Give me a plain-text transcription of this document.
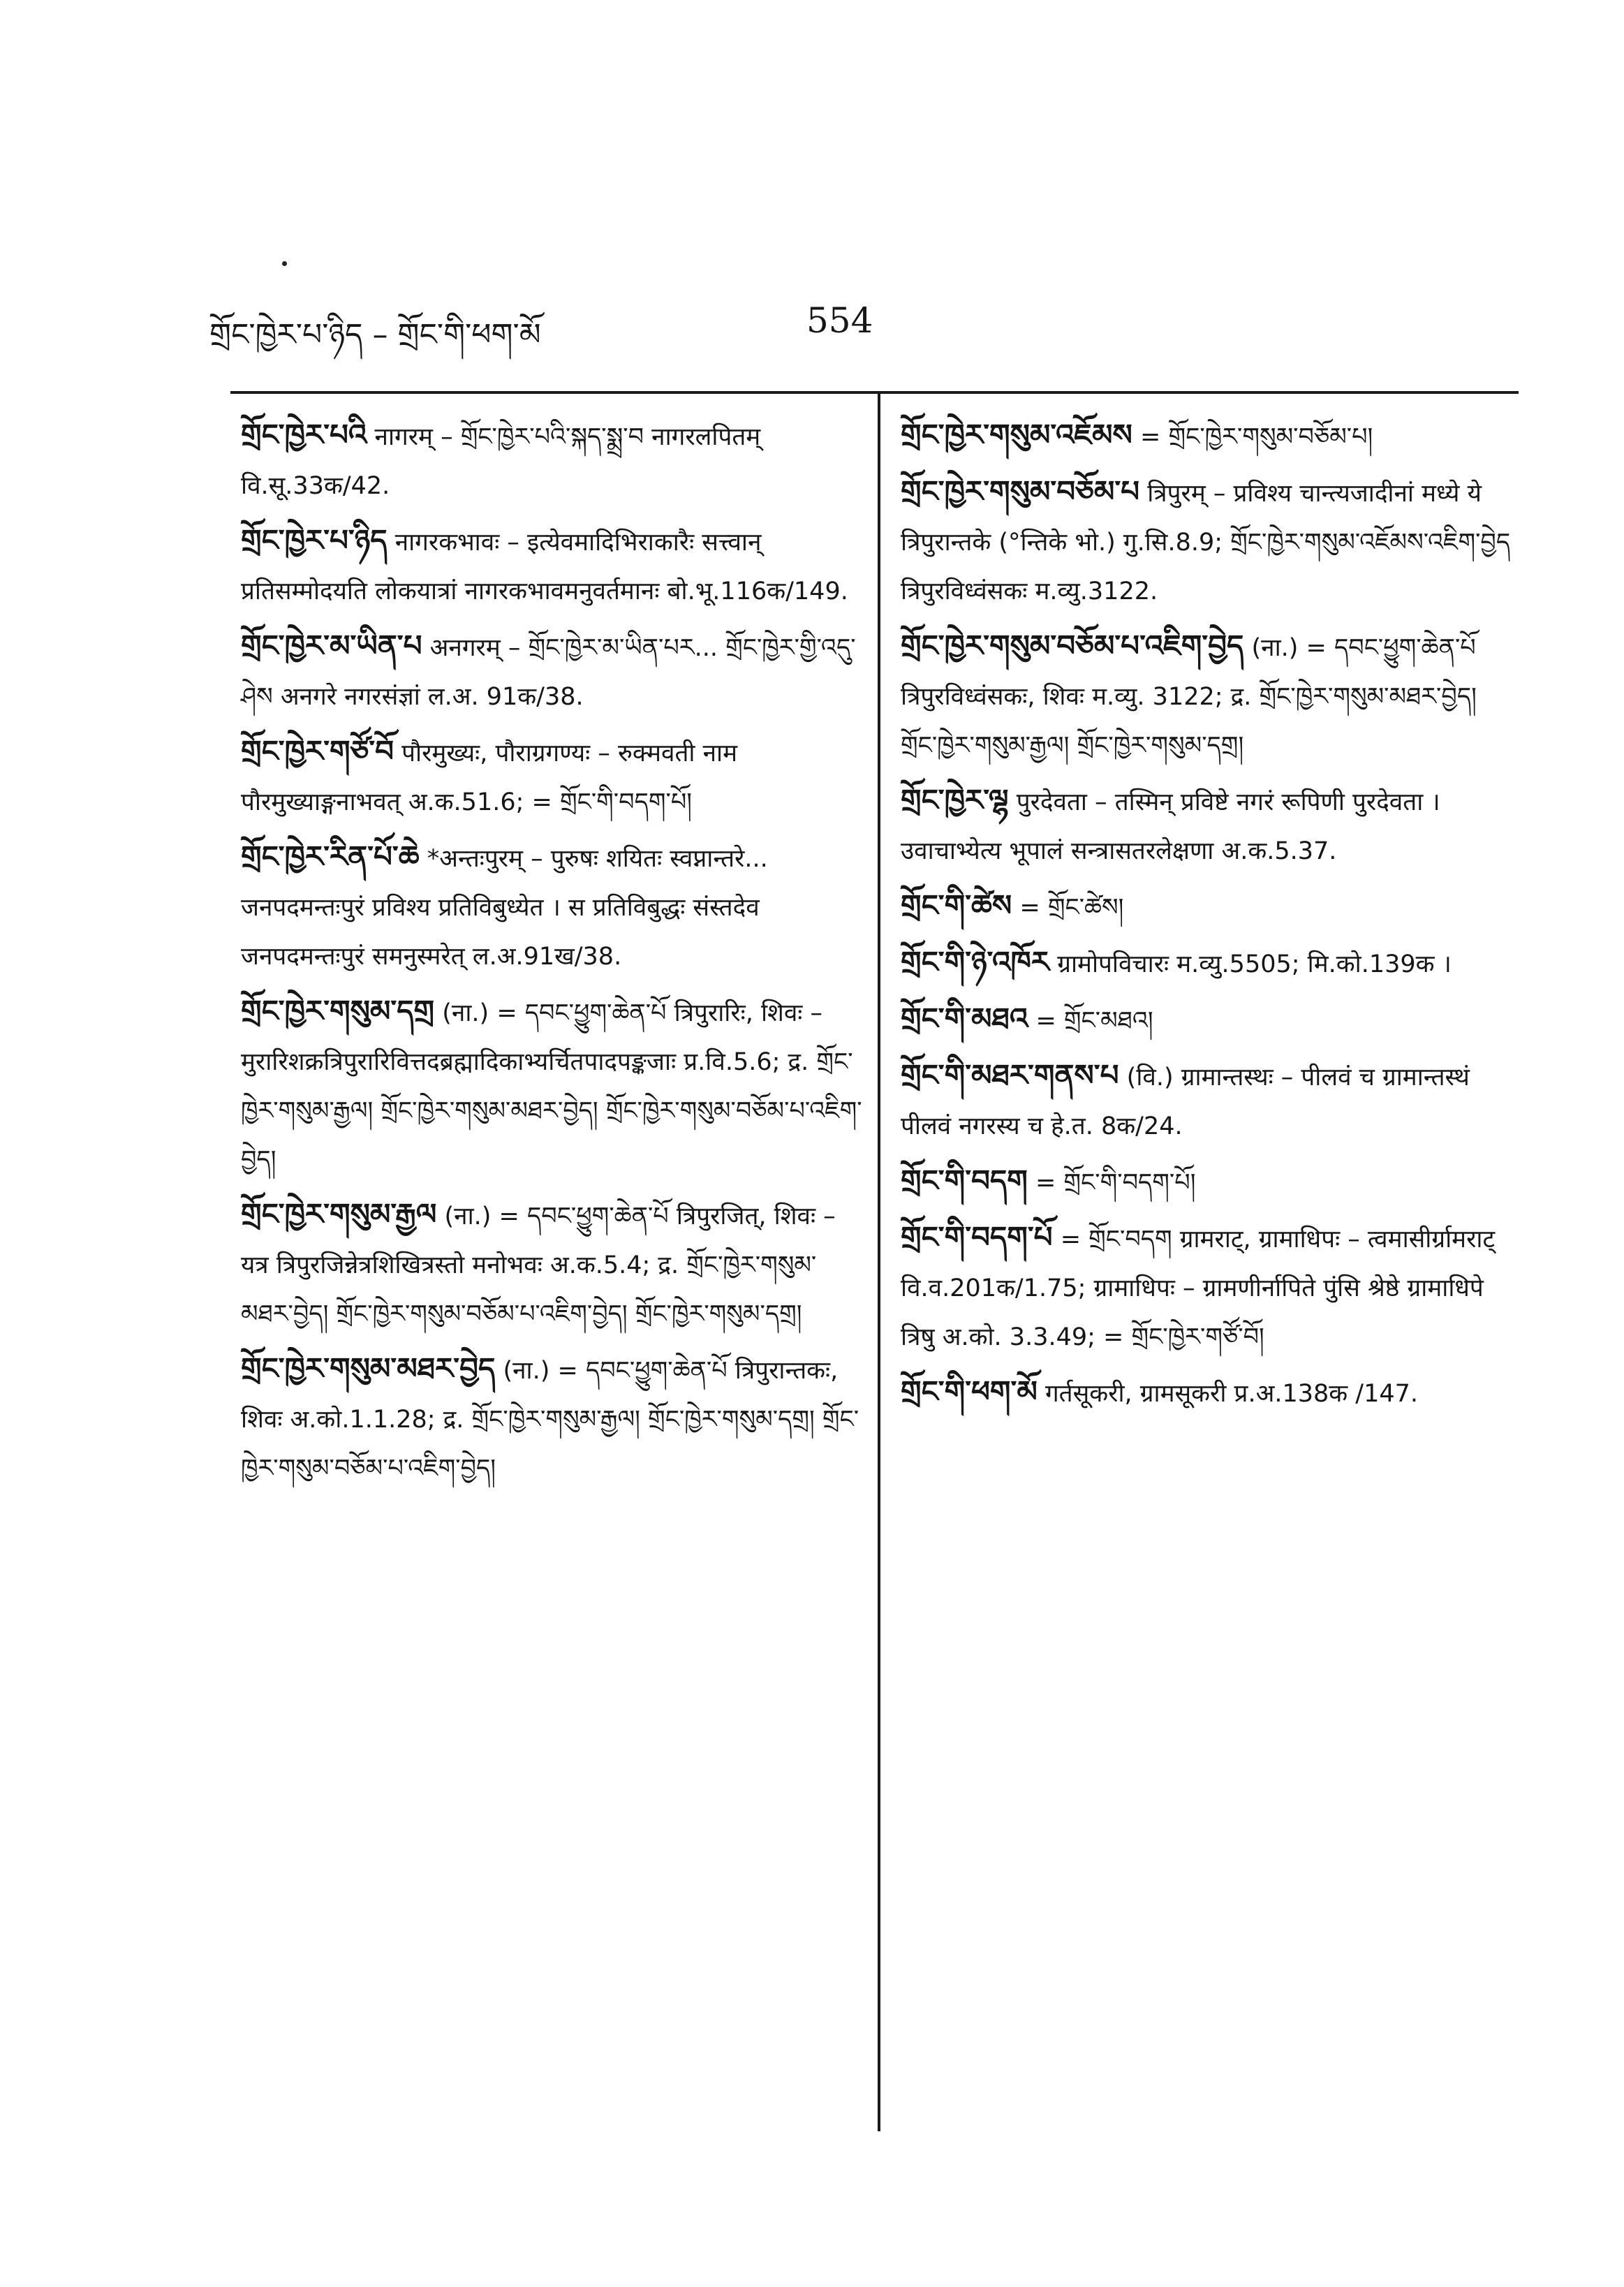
གྲོང་ཁྱེར་པ་ཉིད – གྲོང་གི་ཕག་མོ	554
གྲོང་ཁྱེར་པའི नागरम् – གྲོང་ཁྱེར་པའི་སྐད་སྨྲ་བ नागरलपितम् वि.सू.33क/42.
གྲོང་ཁྱེར་པ་ཉིད नागरकभावः – इत्येवमादिभिराकारैः सत्त्वान् प्रतिसम्मोदयति लोकयात्रां नागरकभावमनुवर्तमानः बो.भू.116क/149.
གྲོང་ཁྱེར་མ་ཡིན་པ अनगरम् – གྲོང་ཁྱེར་མ་ཡིན་པར... གྲོང་ཁྱེར་གྱི་འདུ་ཤེས अनगरे नगरसंज्ञां ल.अ. 91क/38.
གྲོང་ཁྱེར་གཙོ་བོ पौरमुख्यः, पौराग्रगण्यः – रुक्मवती नाम पौरमुख्याङ्गनाभवत् अ.क.51.6; = གྲོང་གི་བདག་པོ།
གྲོང་ཁྱེར་རིན་པོ་ཆེ *अन्तःपुरम् – पुरुषः शयितः स्वप्नान्तरे... जनपदमन्तःपुरं प्रविश्य प्रतिविबुध्येत । स प्रतिविबुद्धः संस्तदेव जनपदमन्तःपुरं समनुस्मरेत् ल.अ.91ख/38.
གྲོང་ཁྱེར་གསུམ་དགྲ (ना.) = དབང་ཕྱུག་ཆེན་པོ त्रिपुरारिः, शिवः – मुरारिशक्रत्रिपुरारिवित्तदब्रह्मादिकाभ्यर्चितपादपङ्कजाः प्र.वि.5.6; द्र. གྲོང་ཁྱེར་གསུམ་རྒྱལ། གྲོང་ཁྱེར་གསུམ་མཐར་བྱེད། གྲོང་ཁྱེར་གསུམ་བཅོམ་པ་འཇིག་བྱེད།
གྲོང་ཁྱེར་གསུམ་རྒྱལ (ना.) = དབང་ཕྱུག་ཆེན་པོ त्रिपुरजित्, शिवः – यत्र त्रिपुरजिन्नेत्रशिखित्रस्तो मनोभवः अ.क.5.4; द्र. གྲོང་ཁྱེར་གསུམ་མཐར་བྱེད། གྲོང་ཁྱེར་གསུམ་བཅོམ་པ་འཇིག་བྱེད། གྲོང་ཁྱེར་གསུམ་དགྲ།
གྲོང་ཁྱེར་གསུམ་མཐར་བྱེད (ना.) = དབང་ཕྱུག་ཆེན་པོ त्रिपुरान्तकः, शिवः अ.को.1.1.28; द्र. གྲོང་ཁྱེར་གསུམ་རྒྱལ། གྲོང་ཁྱེར་གསུམ་དགྲ། གྲོང་ཁྱེར་གསུམ་བཅོམ་པ་འཇིག་བྱེད།
གྲོང་ཁྱེར་གསུམ་འཇོམས = གྲོང་ཁྱེར་གསུམ་བཅོམ་པ།
གྲོང་ཁྱེར་གསུམ་བཅོམ་པ त्रिपुरम् – प्रविश्य चान्त्यजादीनां मध्ये ये त्रिपुरान्तके (°न्तिके भो.) गु.सि.8.9; གྲོང་ཁྱེར་གསུམ་འཇོམས་འཇིག་བྱེད त्रिपुरविध्वंसकः म.व्यु.3122.
གྲོང་ཁྱེར་གསུམ་བཅོམ་པ་འཇིག་བྱེད (ना.) = དབང་ཕྱུག་ཆེན་པོ त्रिपुरविध्वंसकः, शिवः म.व्यु. 3122; द्र. གྲོང་ཁྱེར་གསུམ་མཐར་བྱེད། གྲོང་ཁྱེར་གསུམ་རྒྱལ། གྲོང་ཁྱེར་གསུམ་དགྲ།
གྲོང་ཁྱེར་ལྷ पुरदेवता – तस्मिन् प्रविष्टे नगरं रूपिणी पुरदेवता । उवाचाभ्येत्य भूपालं सन्त्रासतरलेक्षणा अ.क.5.37.
གྲོང་གི་ཚེས = གྲོང་ཚེས།
གྲོང་གི་ཉེ་འཁོར ग्रामोपविचारः म.व्यु.5505; मि.को.139क ।
གྲོང་གི་མཐའ = གྲོང་མཐའ།
གྲོང་གི་མཐར་གནས་པ (वि.) ग्रामान्तस्थः – पीलवं च ग्रामान्तस्थं पीलवं नगरस्य च हे.त. 8क/24.
གྲོང་གི་བདག = གྲོང་གི་བདག་པོ།
གྲོང་གི་བདག་པོ = གྲོང་བདག ग्रामराट्, ग्रामाधिपः – त्वमासीर्ग्रामराट् वि.व.201क/1.75; ग्रामाधिपः – ग्रामणीर्नापिते पुंसि श्रेष्ठे ग्रामाधिपे त्रिषु अ.को. 3.3.49; = གྲོང་ཁྱེར་གཙོ་བོ།
གྲོང་གི་ཕག་མོ गर्तसूकरी, ग्रामसूकरी प्र.अ.138क /147.
